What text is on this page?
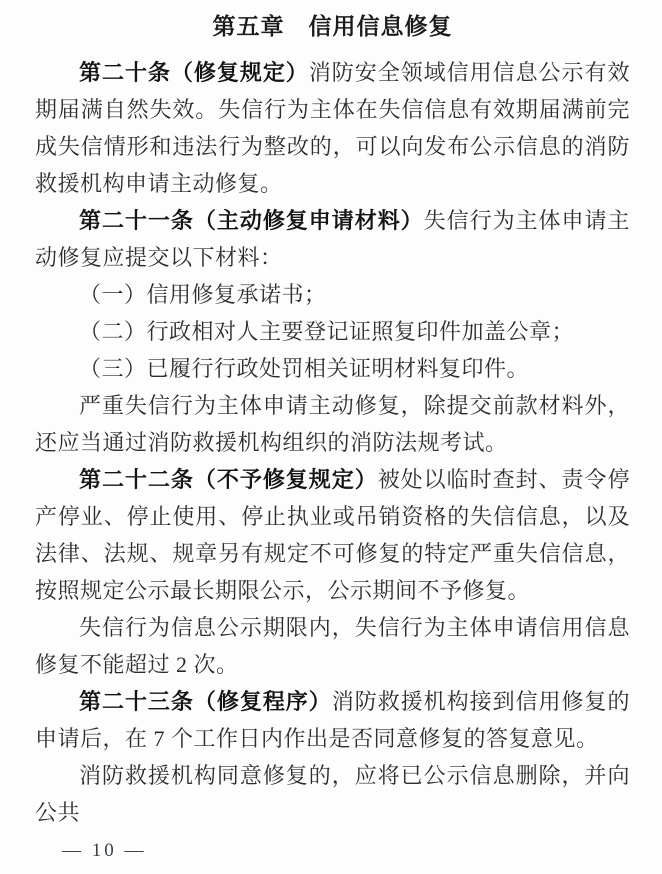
第五章　信用信息修复

第二十条（修复规定）消防安全领域信用信息公示有效期届满自然失效。失信行为主体在失信信息有效期届满前完成失信情形和违法行为整改的，可以向发布公示信息的消防救援机构申请主动修复。

第二十一条（主动修复申请材料）失信行为主体申请主动修复应提交以下材料：

（一）信用修复承诺书；

（二）行政相对人主要登记证照复印件加盖公章；

（三）已履行行政处罚相关证明材料复印件。

严重失信行为主体申请主动修复，除提交前款材料外，还应当通过消防救援机构组织的消防法规考试。

第二十二条（不予修复规定）被处以临时查封、责令停产停业、停止使用、停止执业或吊销资格的失信信息，以及法律、法规、规章另有规定不可修复的特定严重失信信息，按照规定公示最长期限公示，公示期间不予修复。

失信行为信息公示期限内，失信行为主体申请信用信息修复不能超过 2 次。

第二十三条（修复程序）消防救援机构接到信用修复的申请后，在 7 个工作日内作出是否同意修复的答复意见。

消防救援机构同意修复的，应将已公示信息删除，并向公共

— 10 —
